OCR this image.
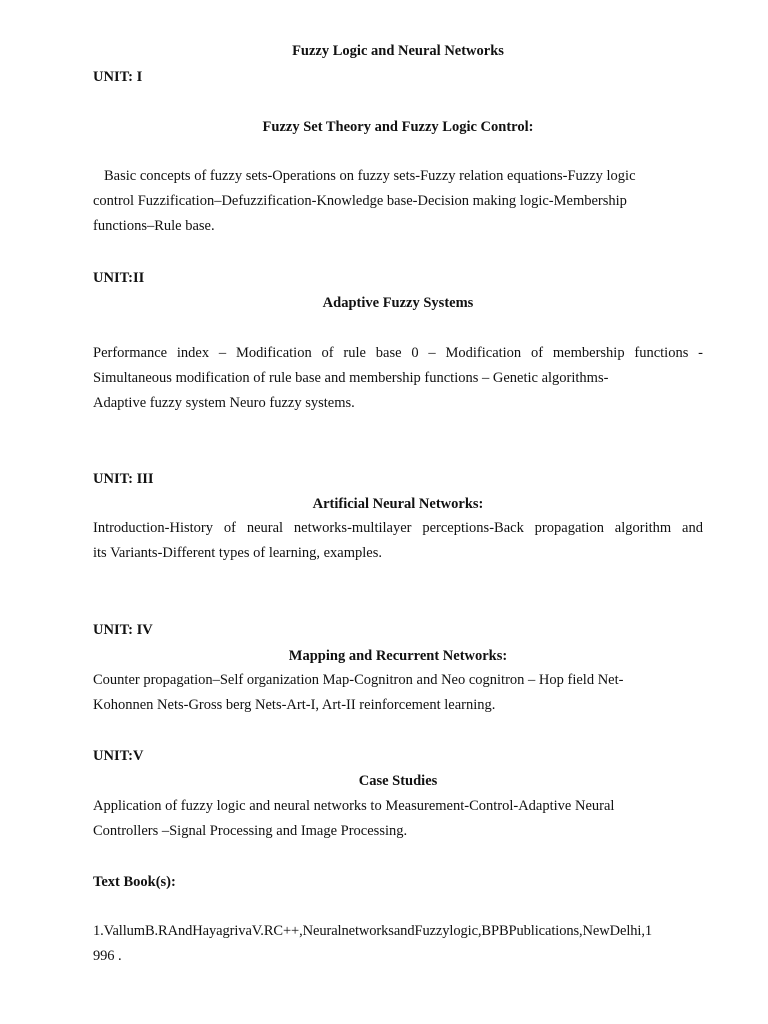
Fuzzy Logic and Neural Networks
UNIT: I
Fuzzy Set Theory and Fuzzy Logic Control:
Basic concepts of fuzzy sets-Operations on fuzzy sets-Fuzzy relation equations-Fuzzy logic
control Fuzzification–Defuzzification-Knowledge base-Decision making logic-Membership
functions–Rule base.
UNIT:II
Adaptive Fuzzy Systems
Performance index – Modification of rule base 0 – Modification of membership functions -
Simultaneous modification of rule base and membership functions – Genetic algorithms-
Adaptive fuzzy system Neuro fuzzy systems.
UNIT: III
Artificial Neural Networks:
Introduction-History of neural networks-multilayer perceptions-Back propagation algorithm and
its Variants-Different types of learning, examples.
UNIT: IV
Mapping and Recurrent Networks:
Counter propagation–Self organization Map-Cognitron and Neo cognitron – Hop field Net-
Kohonnen Nets-Gross berg Nets-Art-I, Art-II reinforcement learning.
UNIT:V
Case Studies
Application of fuzzy logic and neural networks to Measurement-Control-Adaptive Neural
Controllers –Signal Processing and Image Processing.
Text Book(s):
1.VallumB.RAndHayagrivaV.RC++,NeuralnetworksandFuzzylogic,BPBPublications,NewDelhi,1
996 .
